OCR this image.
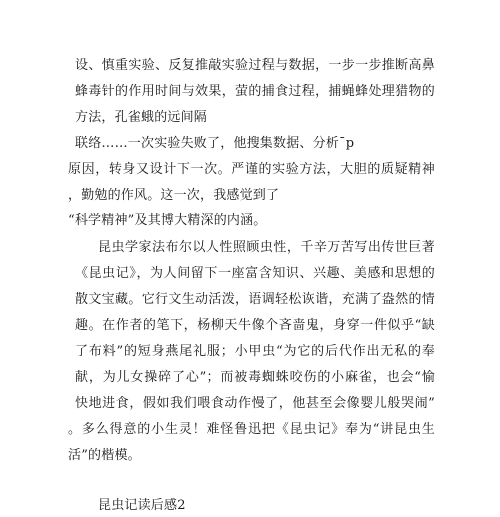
设、慎重实验、反复推敲实验过程与数据，一步一步推断高鼻
蜂毒针的作用时间与效果，萤的捕食过程，捕蝇蜂处理猎物的
方法，孔雀蛾的远间隔
联络……一次实验失败了，他搜集数据、分析¯p
原因，转身又设计下一次。严谨的实验方法，大胆的质疑精神
，勤勉的作风。这一次，我感觉到了
“科学精神”及其博大精深的内涵。
昆虫学家法布尔以人性照顾虫性，千辛万苦写出传世巨著
《昆虫记》，为人间留下一座富含知识、兴趣、美感和思想的
散文宝藏。它行文生动活泼，语调轻松诙谐，充满了盎然的情
趣。在作者的笔下，杨柳天牛像个吝啬鬼，身穿一件似乎“缺
了布料”的短身燕尾礼服；小甲虫“为它的后代作出无私的奉
献，为儿女操碎了心”；而被毒蜘蛛咬伤的小麻雀，也会“愉
快地进食，假如我们喂食动作慢了，他甚至会像婴儿般哭闹”
。多么得意的小生灵！难怪鲁迅把《昆虫记》奉为“讲昆虫生
活”的楷模。
昆虫记读后感2
